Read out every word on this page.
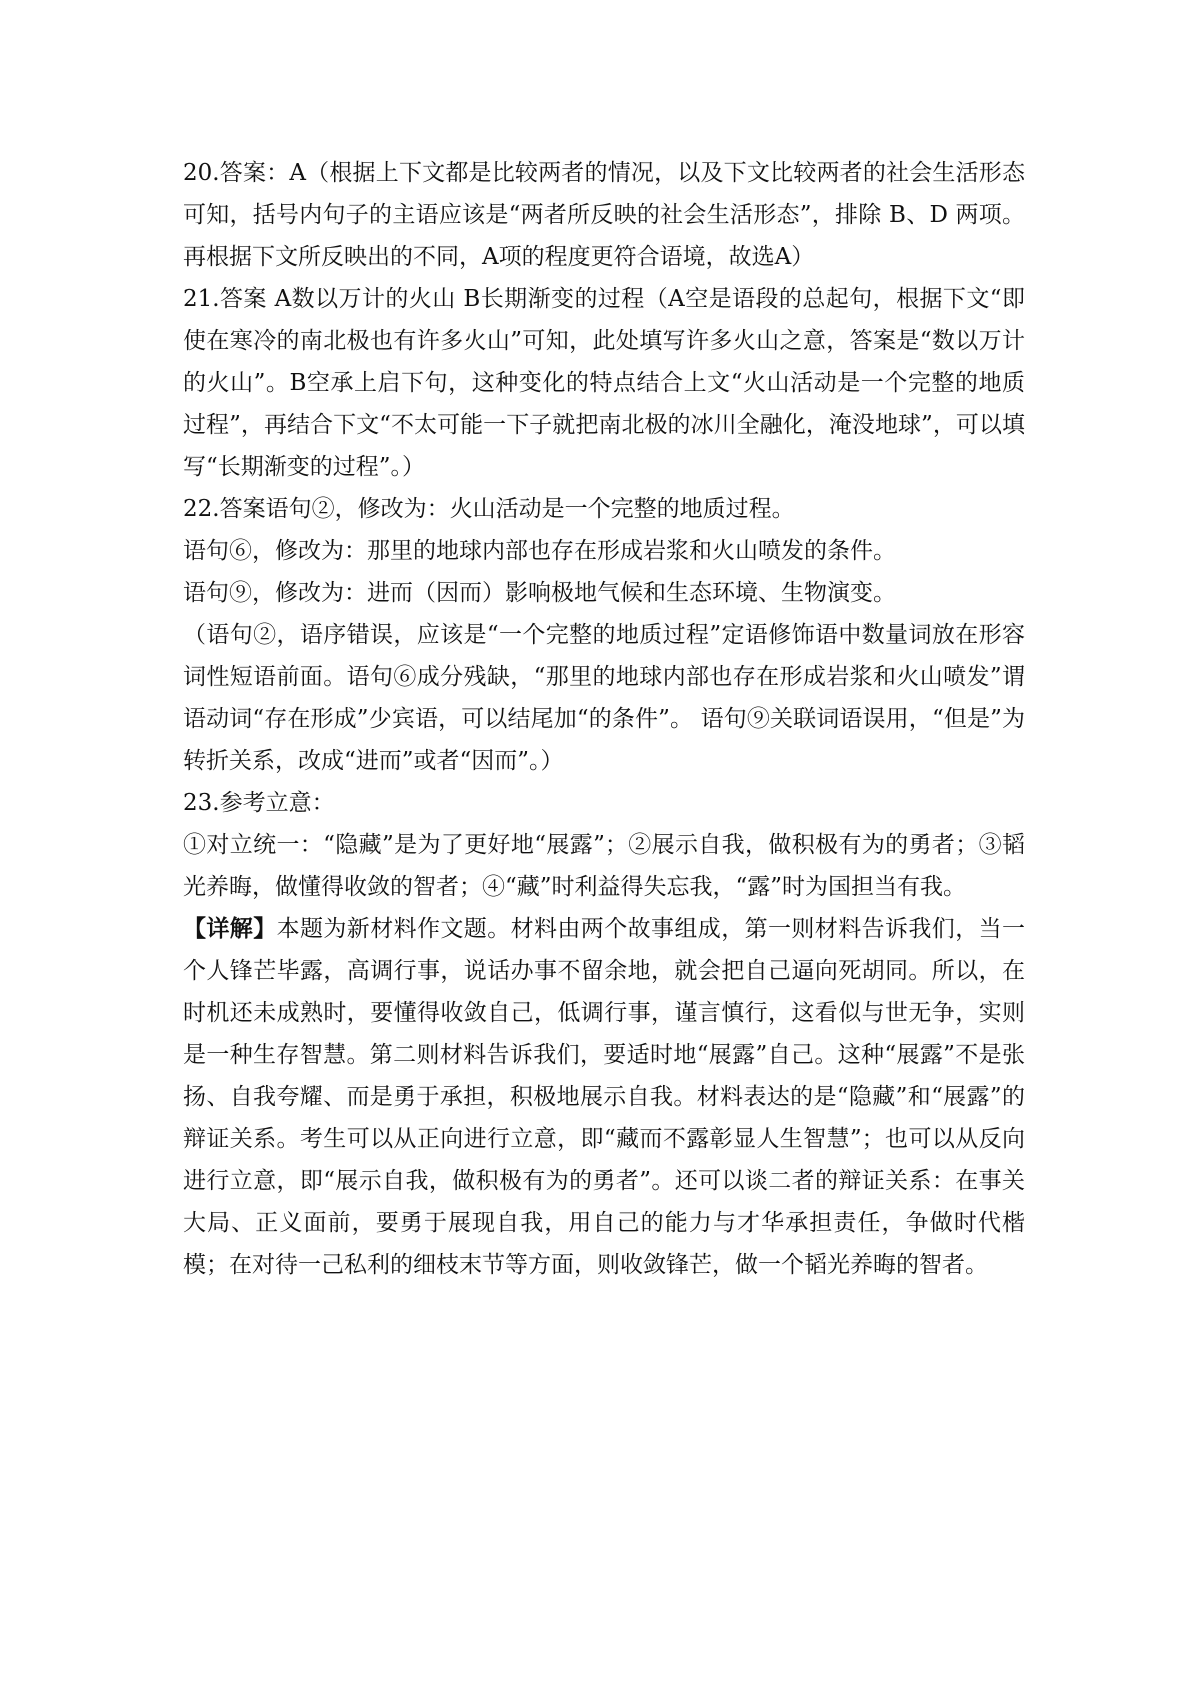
20.答案：A（根据上下文都是比较两者的情况，以及下文比较两者的社会生活形态可知，括号内句子的主语应该是“两者所反映的社会生活形态”，排除 B、D 两项。再根据下文所反映出的不同，A项的程度更符合语境，故选A）

21.答案 A数以万计的火山 B长期渐变的过程（A空是语段的总起句，根据下文“即使在寒冷的南北极也有许多火山”可知，此处填写许多火山之意，答案是“数以万计的火山”。B空承上启下句，这种变化的特点结合上文“火山活动是一个完整的地质过程”，再结合下文“不太可能一下子就把南北极的冰川全融化，淹没地球”，可以填写“长期渐变的过程”。）

22.答案语句②，修改为：火山活动是一个完整的地质过程。

语句⑥，修改为：那里的地球内部也存在形成岩浆和火山喷发的条件。

语句⑨，修改为：进而（因而）影响极地气候和生态环境、生物演变。

（语句②，语序错误，应该是“一个完整的地质过程”定语修饰语中数量词放在形容词性短语前面。语句⑥成分残缺，“那里的地球内部也存在形成岩浆和火山喷发”谓语动词“存在形成”少宾语，可以结尾加“的条件”。 语句⑨关联词语误用，“但是”为转折关系，改成“进而”或者“因而”。）

23.参考立意：

①对立统一：“隐藏”是为了更好地“展露”；②展示自我，做积极有为的勇者；③韬光养晦，做懂得收敛的智者；④“藏”时利益得失忘我，“露”时为国担当有我。

【详解】本题为新材料作文题。材料由两个故事组成，第一则材料告诉我们，当一个人锋芒毕露，高调行事，说话办事不留余地，就会把自己逼向死胡同。所以，在时机还未成熟时，要懂得收敛自己，低调行事，谨言慎行，这看似与世无争，实则是一种生存智慧。第二则材料告诉我们，要适时地“展露”自己。这种“展露”不是张扬、自我夸耀、而是勇于承担，积极地展示自我。材料表达的是“隐藏”和“展露”的辩证关系。考生可以从正向进行立意，即“藏而不露彰显人生智慧”；也可以从反向进行立意，即“展示自我，做积极有为的勇者”。还可以谈二者的辩证关系：在事关大局、正义面前，要勇于展现自我，用自己的能力与才华承担责任，争做时代楷模；在对待一己私利的细枝末节等方面，则收敛锋芒，做一个韬光养晦的智者。
